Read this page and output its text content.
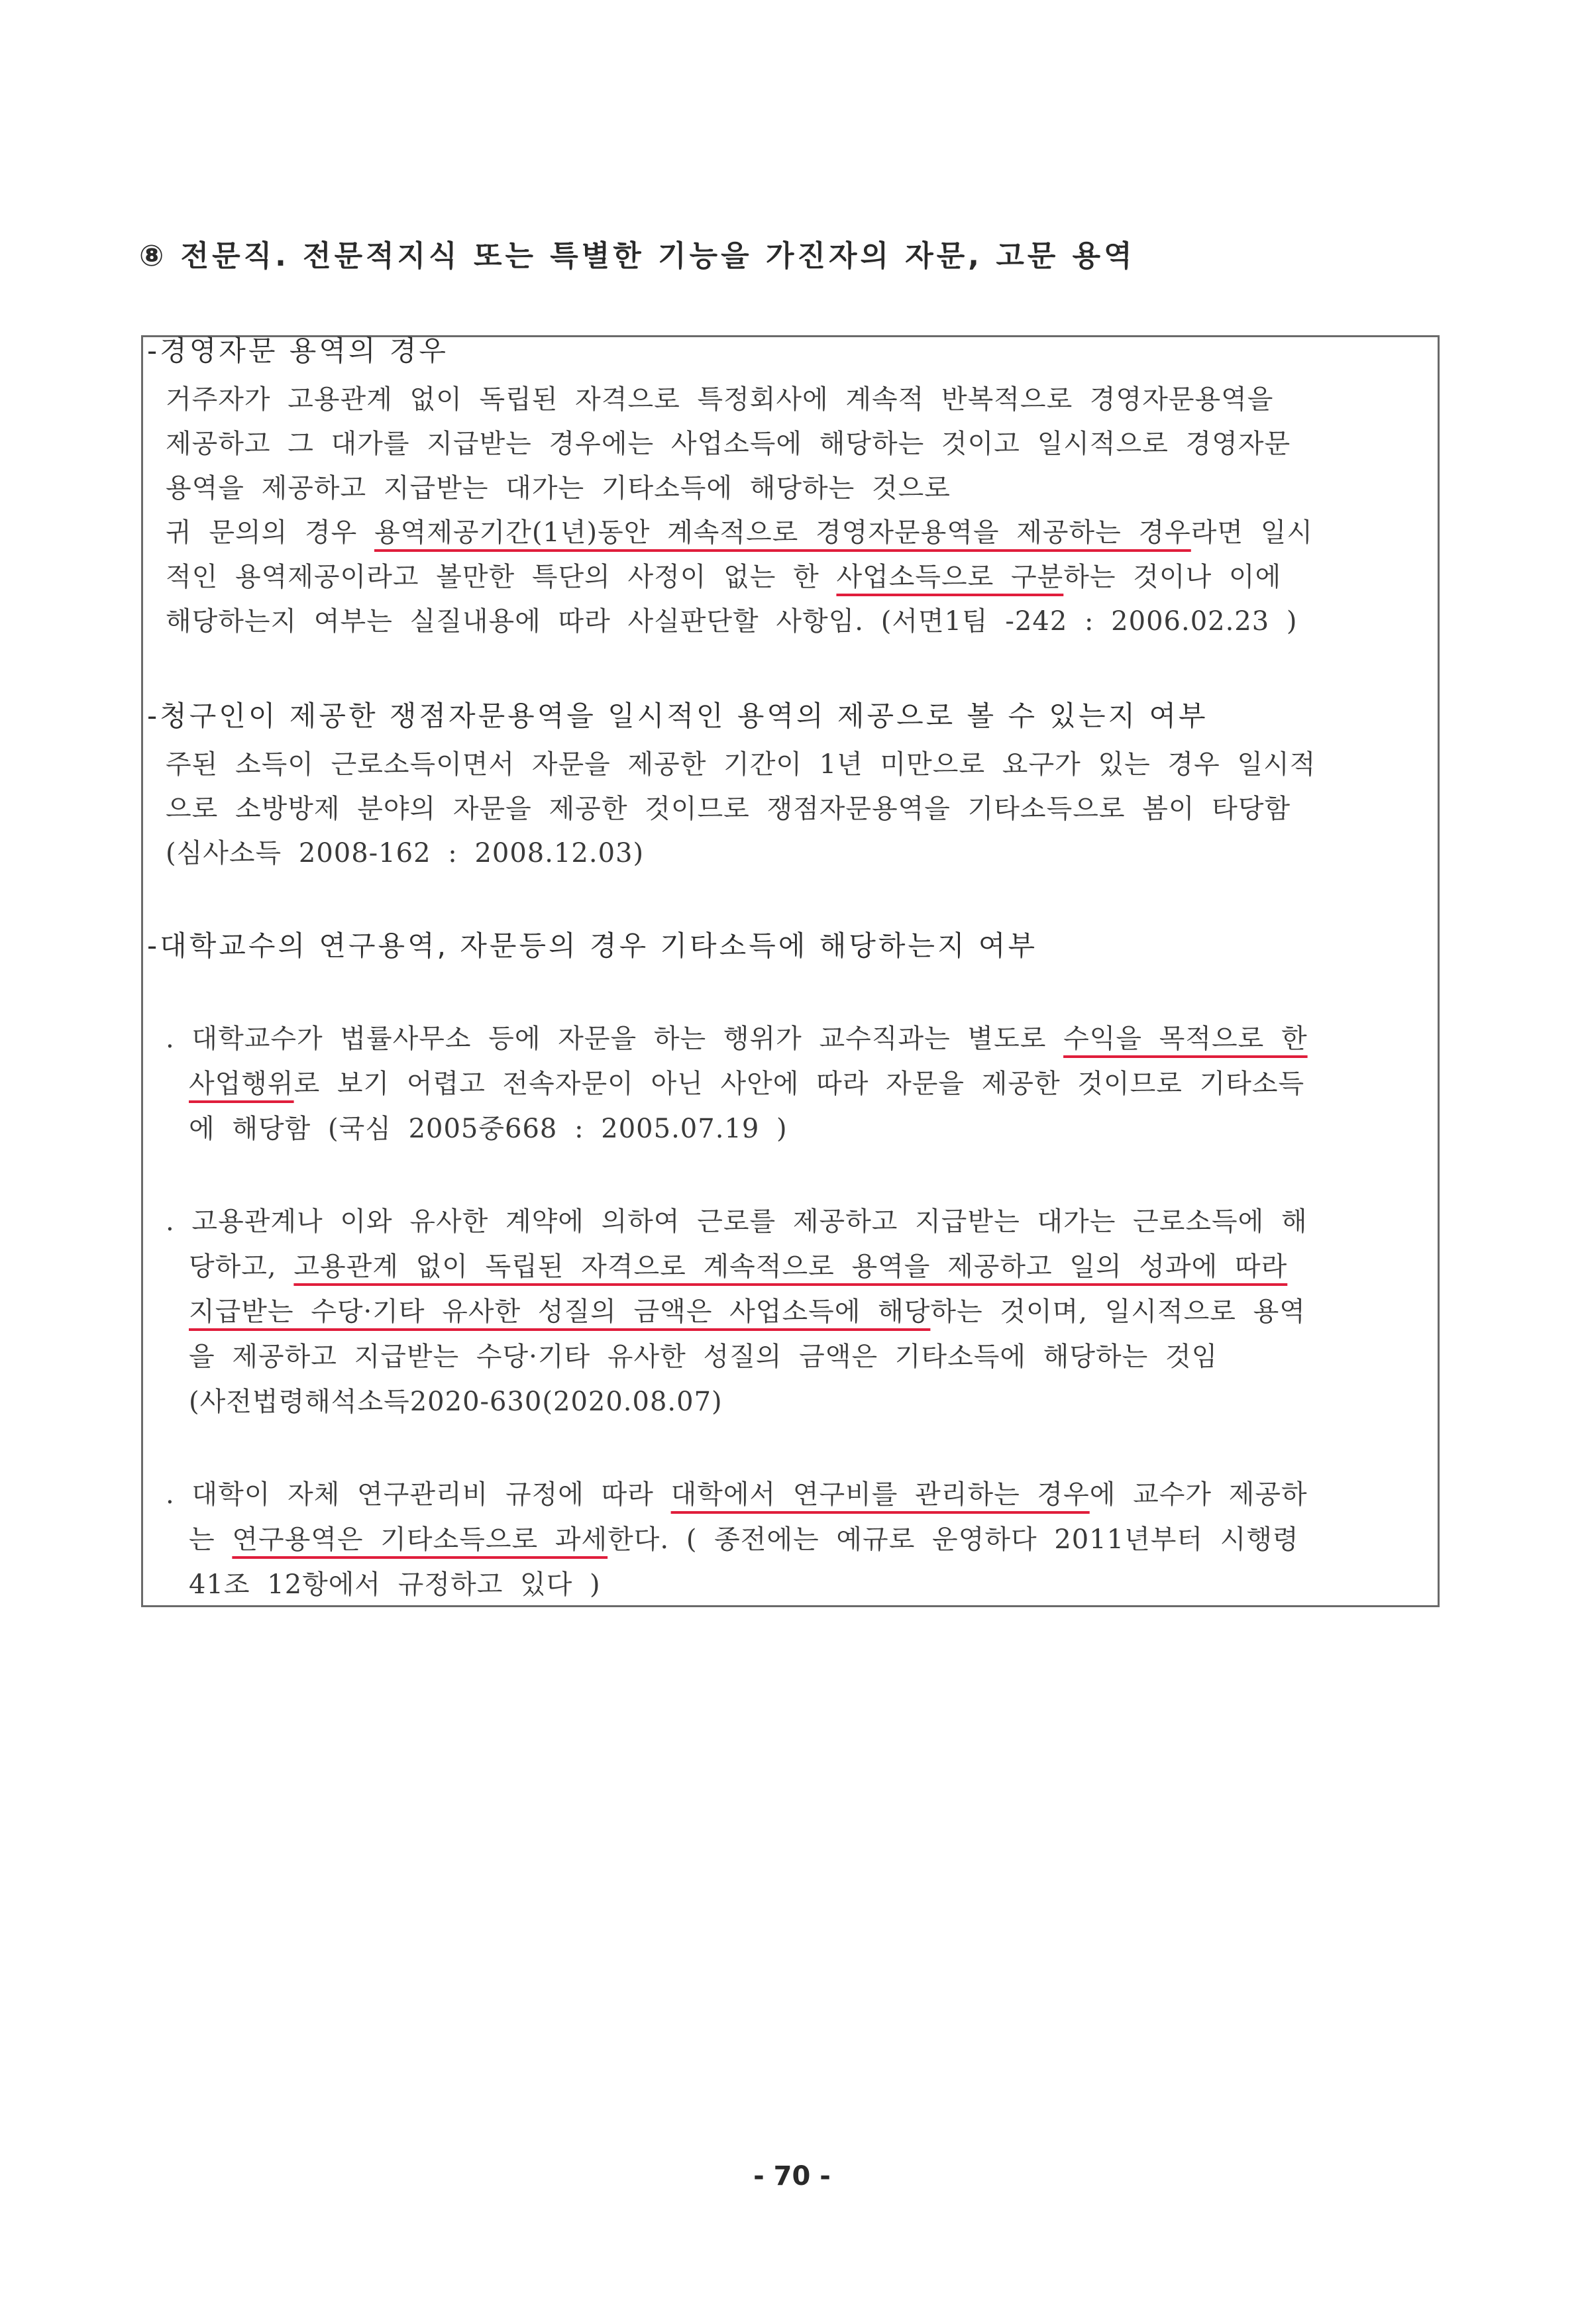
⑧ 전문직. 전문적지식 또는 특별한 기능을 가진자의 자문, 고문 용역
-경영자문 용역의 경우
거주자가 고용관계 없이 독립된 자격으로 특정회사에 계속적 반복적으로 경영자문용역을
제공하고 그 대가를 지급받는 경우에는 사업소득에 해당하는 것이고 일시적으로 경영자문
용역을 제공하고 지급받는 대가는 기타소득에 해당하는 것으로
귀 문의의 경우 용역제공기간(1년)동안 계속적으로 경영자문용역을 제공하는 경우라면 일시
적인 용역제공이라고 볼만한 특단의 사정이 없는 한 사업소득으로 구분하는 것이나 이에
해당하는지 여부는 실질내용에 따라 사실판단할 사항임. (서면1팀 -242 : 2006.02.23 )
-청구인이 제공한 쟁점자문용역을 일시적인 용역의 제공으로 볼 수 있는지 여부
주된 소득이 근로소득이면서 자문을 제공한 기간이 1년 미만으로 요구가 있는 경우 일시적
으로 소방방제 분야의 자문을 제공한 것이므로 쟁점자문용역을 기타소득으로 봄이 타당함
(심사소득 2008-162 : 2008.12.03)
-대학교수의 연구용역, 자문등의 경우 기타소득에 해당하는지 여부
. 대학교수가 법률사무소 등에 자문을 하는 행위가 교수직과는 별도로 수익을 목적으로 한
사업행위로 보기 어렵고 전속자문이 아닌 사안에 따라 자문을 제공한 것이므로 기타소득
에 해당함 (국심 2005중668 : 2005.07.19 )
. 고용관계나 이와 유사한 계약에 의하여 근로를 제공하고 지급받는 대가는 근로소득에 해
당하고, 고용관계 없이 독립된 자격으로 계속적으로 용역을 제공하고 일의 성과에 따라
지급받는 수당·기타 유사한 성질의 금액은 사업소득에 해당하는 것이며, 일시적으로 용역
을 제공하고 지급받는 수당·기타 유사한 성질의 금액은 기타소득에 해당하는 것임
(사전법령해석소득2020-630(2020.08.07)
. 대학이 자체 연구관리비 규정에 따라 대학에서 연구비를 관리하는 경우에 교수가 제공하
는 연구용역은 기타소득으로 과세한다. ( 종전에는 예규로 운영하다 2011년부터 시행령
41조 12항에서 규정하고 있다 )
- 70 -
